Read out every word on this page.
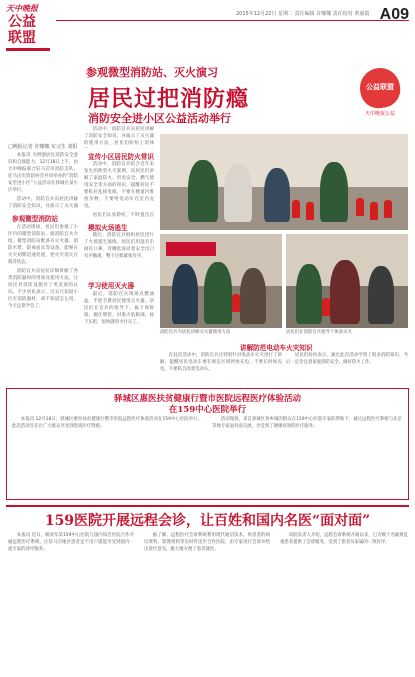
天中晚报
公益联盟
2015年12月22日 星期二 责任编辑 许娜娜 责任校对 黄丽霞 A09
参观微型消防站、灭火演习
居民过把消防瘾
消防安全进小区公益活动举行
公益联盟
天中晚报公益
□晚报记者 许娜娜 实习生 刘阳

本报讯 为增强居民消防安全意识和自救能力，12月18日上午，由天中晚报联合驻马店市消防支队、驻马店市消防协会共同举办的“消防安全进小区”公益活动在驿城区某小区举行。

活动中，消防官兵向居民讲解了消防安全知识，并演示了灭火器

参观微型消防站

在活动现场，居民们参观了小区内的微型消防站。据消防官兵介绍，微型消防站配备有灭火器、消防水带、防毒面具等设备，能够在火灾初期迅速处置，把火灾消灭在萌芽状态。

消防官兵向居民详细讲解了各类消防器材的用途及使用方法，让居民对消防设施有了更直观的认识。不少居民表示，过去只知道小区有消防器材，却不知道怎么用，今天总算学会了。

活动中，消防官兵向居民讲解了消防安全知识，并演示了灭火器的使用方法，居民们纷纷上前体

宣传小区居民防火常识

活动中，消防官兵结合近年来发生的典型火灾案例，向居民们讲解了家庭防火、用电安全、燃气使用安全等方面的知识，提醒居民不要私拉乱接电线，不要在楼道内堆放杂物，不要给电动车在室内充电。

居民们认真聆听，不时提出自

模拟火场逃生

随后，消防官兵组织居民进行了火场逃生演练。居民们用湿毛巾捂住口鼻，弯腰低姿沿着安全出口有序撤离，整个过程紧张有序。

学习使用灭火器

最后，消防官兵现场点燃油盆，手把手教居民使用灭火器。居民们在官兵的指导下，拔下保险销，握住喷管，对准火焰根部，按下压把，很快就将火扑灭了。

消防官兵为居民讲解灭火器使用方法	居民们在消防官兵指导下体验灭火
讲解防范电动车火灾知识

在此次活动中，消防官兵还特别针对电动车火灾进行了讲解，提醒居民电动车要在规定区域停放充电，不要长时间充电，不要私自改装电动车。

居民们纷纷表示，通过此次活动学到了很多消防知识，今后一定会注意家庭消防安全，做好防火工作。

驿城区惠医扶贫健康行暨市医院远程医疗体验活动
在159中心医院举行

本报讯 12月18日，驿城区惠医扶贫健康行暨市医院远程医疗体验活动在159中心医院举行。此次活动旨在让广大群众享受到优质医疗资源。

活动现场，来自驿城区各乡镇的群众在159中心医院专家的帮助下，通过远程医疗系统与北京等地专家面对面交流，享受到了便捷高效的医疗服务。

159医院开展远程会诊，让百姓和国内名医“面对面”

本报讯 近日，解放军第159中心医院与国内知名医院合作开通远程医疗系统，让驻马店地区患者足不出户就能享受到国内一流专家的诊疗服务。

据了解，远程医疗会诊系统利用现代通信技术，将患者的病历资料、影像资料等实时传送至合作医院，由专家进行会诊并给出诊疗意见，极大地方便了患者就医。

该院负责人介绍，远程会诊系统开通以来，已为数十名疑难危重患者提供了会诊服务，受到了患者及家属的一致好评。
